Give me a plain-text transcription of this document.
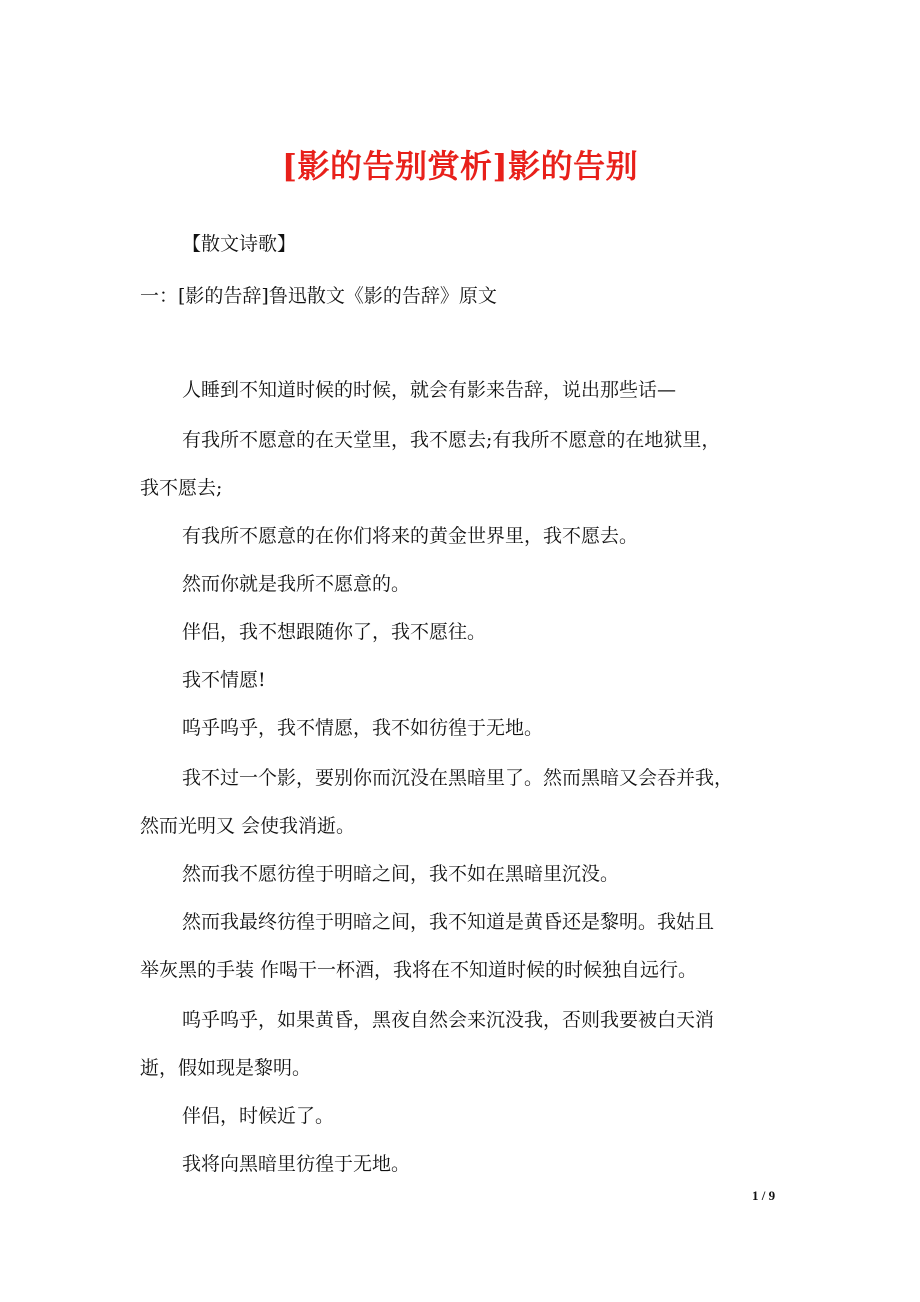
[影的告别赏析]影的告别
【散文诗歌】
一：[影的告辞]鲁迅散文《影的告辞》原文
人睡到不知道时候的时候，就会有影来告辞，说出那些话—
有我所不愿意的在天堂里，我不愿去;有我所不愿意的在地狱里，
我不愿去;
有我所不愿意的在你们将来的黄金世界里，我不愿去。
然而你就是我所不愿意的。
伴侣，我不想跟随你了，我不愿往。
我不情愿!
呜乎呜乎，我不情愿，我不如彷徨于无地。
我不过一个影，要别你而沉没在黑暗里了。然而黑暗又会吞并我，
然而光明又 会使我消逝。
然而我不愿彷徨于明暗之间，我不如在黑暗里沉没。
然而我最终彷徨于明暗之间，我不知道是黄昏还是黎明。我姑且
举灰黑的手装 作喝干一杯酒，我将在不知道时候的时候独自远行。
呜乎呜乎，如果黄昏，黑夜自然会来沉没我，否则我要被白天消
逝，假如现是黎明。
伴侣，时候近了。
我将向黑暗里彷徨于无地。
1 / 9
